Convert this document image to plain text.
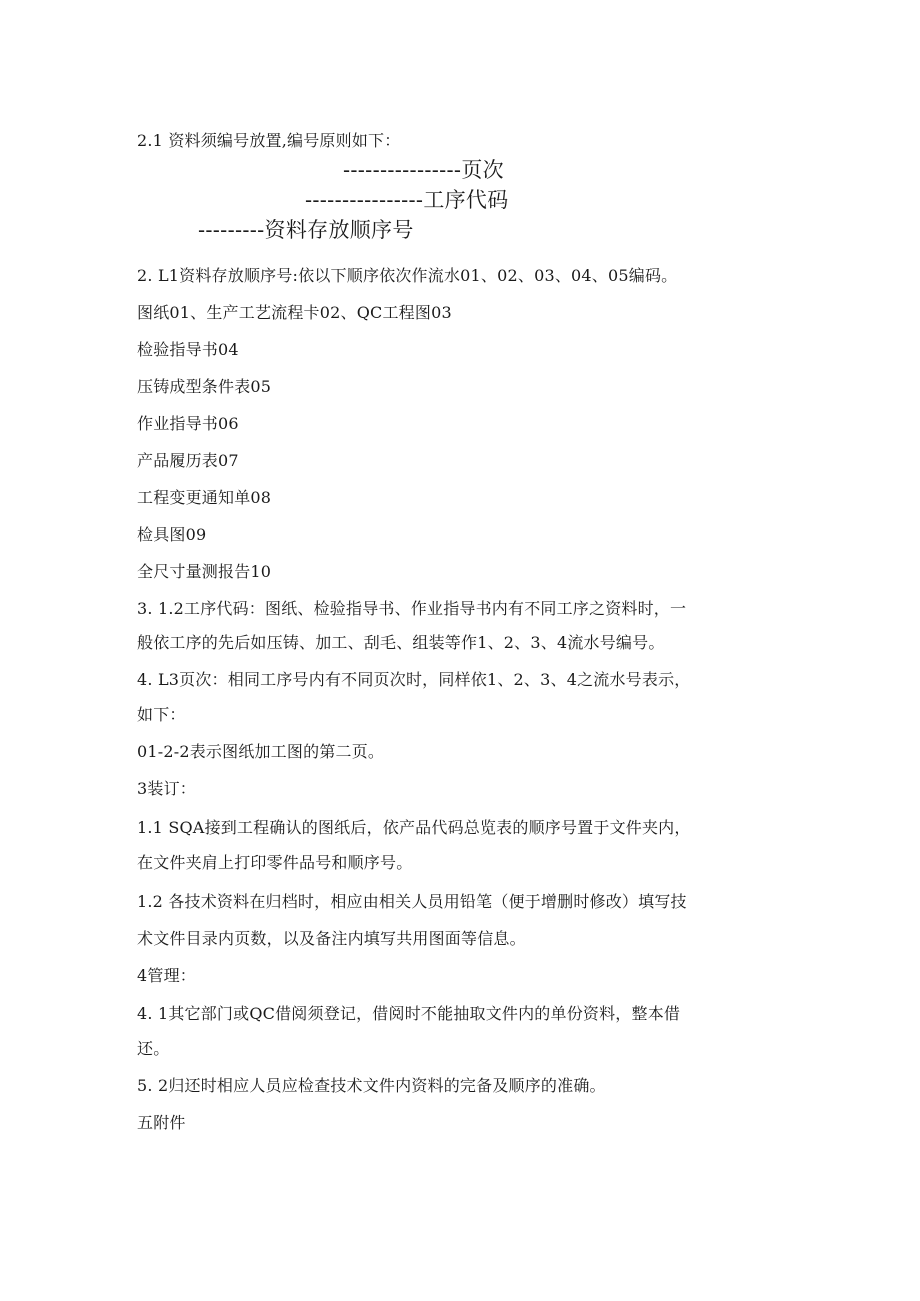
2.1 资料须编号放置,编号原则如下：
----------------页次
----------------工序代码
---------资料存放顺序号
2. L1资料存放顺序号:依以下顺序依次作流水01、02、03、04、05编码。
图纸01、生产工艺流程卡02、QC工程图03
检验指导书04
压铸成型条件表05
作业指导书06
产品履历表07
工程变更通知单08
检具图09
全尺寸量测报告10
3. 1.2工序代码：图纸、检验指导书、作业指导书内有不同工序之资料时，一
般依工序的先后如压铸、加工、刮毛、组装等作1、2、3、4流水号编号。
4. L3页次：相同工序号内有不同页次时，同样依1、2、3、4之流水号表示，
如下：
01-2-2表示图纸加工图的第二页。
3装订：
1.1 SQA接到工程确认的图纸后，依产品代码总览表的顺序号置于文件夹内，
在文件夹肩上打印零件品号和顺序号。
1.2 各技术资料在归档时，相应由相关人员用铅笔（便于增删时修改）填写技
术文件目录内页数，以及备注内填写共用图面等信息。
4管理：
4. 1其它部门或QC借阅须登记，借阅时不能抽取文件内的单份资料，整本借
还。
5. 2归还时相应人员应检查技术文件内资料的完备及顺序的准确。
五附件
